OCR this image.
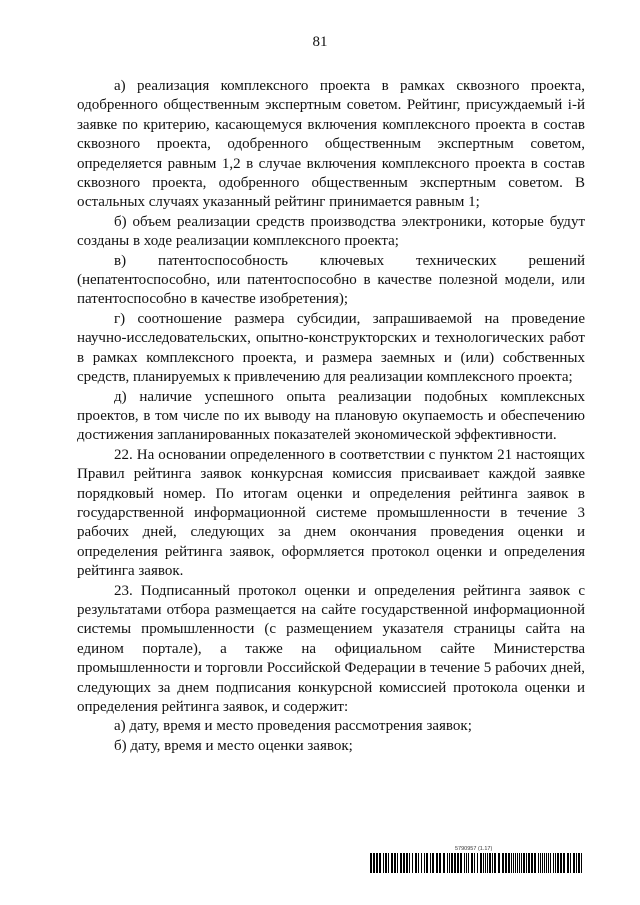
81

а) реализация комплексного проекта в рамках сквозного проекта, одобренного общественным экспертным советом. Рейтинг, присуждаемый i-й заявке по критерию, касающемуся включения комплексного проекта в состав сквозного проекта, одобренного общественным экспертным советом, определяется равным 1,2 в случае включения комплексного проекта в состав сквозного проекта, одобренного общественным экспертным советом. В остальных случаях указанный рейтинг принимается равным 1;

б) объем реализации средств производства электроники, которые будут созданы в ходе реализации комплексного проекта;

в) патентоспособность ключевых технических решений (непатентоспособно, или патентоспособно в качестве полезной модели, или патентоспособно в качестве изобретения);

г) соотношение размера субсидии, запрашиваемой на проведение научно-исследовательских, опытно-конструкторских и технологических работ в рамках комплексного проекта, и размера заемных и (или) собственных средств, планируемых к привлечению для реализации комплексного проекта;

д) наличие успешного опыта реализации подобных комплексных проектов, в том числе по их выводу на плановую окупаемость и обеспечению достижения запланированных показателей экономической эффективности.

22. На основании определенного в соответствии с пунктом 21 настоящих Правил рейтинга заявок конкурсная комиссия присваивает каждой заявке порядковый номер. По итогам оценки и определения рейтинга заявок в государственной информационной системе промышленности в течение 3 рабочих дней, следующих за днем окончания проведения оценки и определения рейтинга заявок, оформляется протокол оценки и определения рейтинга заявок.

23. Подписанный протокол оценки и определения рейтинга заявок с результатами отбора размещается на сайте государственной информационной системы промышленности (с размещением указателя страницы сайта на едином портале), а также на официальном сайте Министерства промышленности и торговли Российской Федерации в течение 5 рабочих дней, следующих за днем подписания конкурсной комиссией протокола оценки и определения рейтинга заявок, и содержит:

а) дату, время и место проведения рассмотрения заявок;

б) дату, время и место оценки заявок;

5790957 (1.17)
